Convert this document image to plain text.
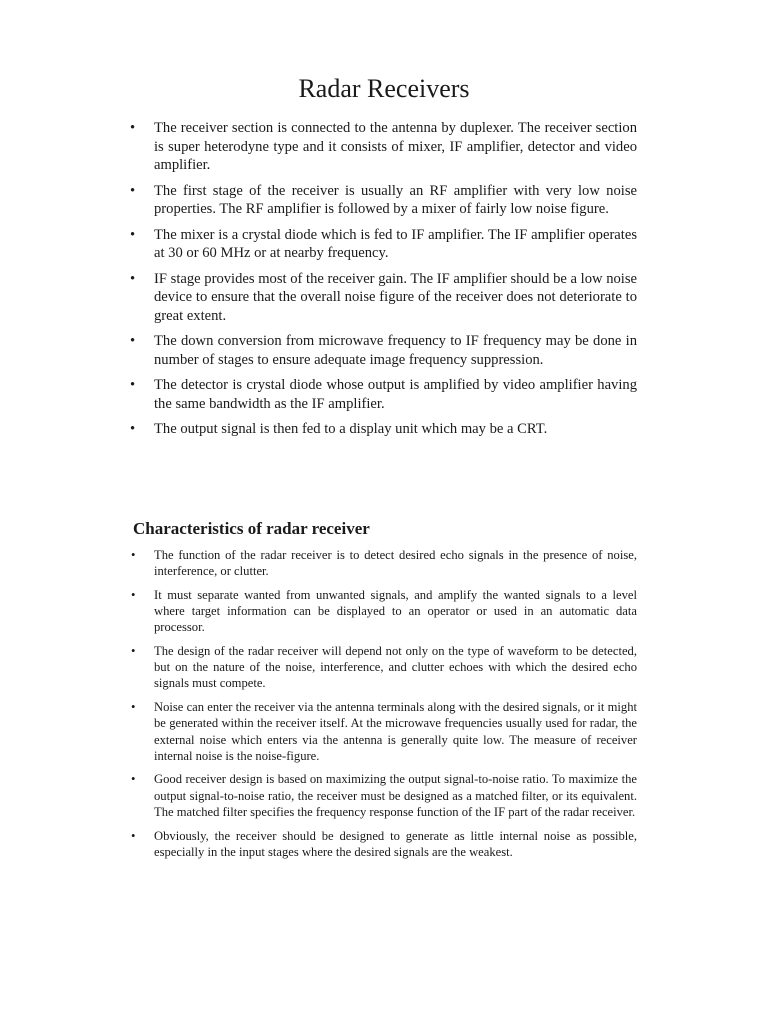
Radar Receivers
• The receiver section is connected to the antenna by duplexer. The receiver section is super heterodyne type and it consists of mixer, IF amplifier, detector and video amplifier.
• The first stage of the receiver is usually an RF amplifier with very low noise properties. The RF amplifier is followed by a mixer of fairly low noise figure.
• The mixer is a crystal diode which is fed to IF amplifier. The IF amplifier operates at 30 or 60 MHz or at nearby frequency.
• IF stage provides most of the receiver gain. The IF amplifier should be a low noise device to ensure that the overall noise figure of the receiver does not deteriorate to great extent.
• The down conversion from microwave frequency to IF frequency may be done in number of stages to ensure adequate image frequency suppression.
• The detector is crystal diode whose output is amplified by video amplifier having the same bandwidth as the IF amplifier.
• The output signal is then fed to a display unit which may be a CRT.
Characteristics of radar receiver
• The function of the radar receiver is to detect desired echo signals in the presence of noise, interference, or clutter.
• It must separate wanted from unwanted signals, and amplify the wanted signals to a level where target information can be displayed to an operator or used in an automatic data processor.
• The design of the radar receiver will depend not only on the type of waveform to be detected, but on the nature of the noise, interference, and clutter echoes with which the desired echo signals must compete.
• Noise can enter the receiver via the antenna terminals along with the desired signals, or it might be generated within the receiver itself. At the microwave frequencies usually used for radar, the external noise which enters via the antenna is generally quite low. The measure of receiver internal noise is the noise-figure.
• Good receiver design is based on maximizing the output signal-to-noise ratio. To maximize the output signal-to-noise ratio, the receiver must be designed as a matched filter, or its equivalent. The matched filter specifies the frequency response function of the IF part of the radar receiver.
• Obviously, the receiver should be designed to generate as little internal noise as possible, especially in the input stages where the desired signals are the weakest.
